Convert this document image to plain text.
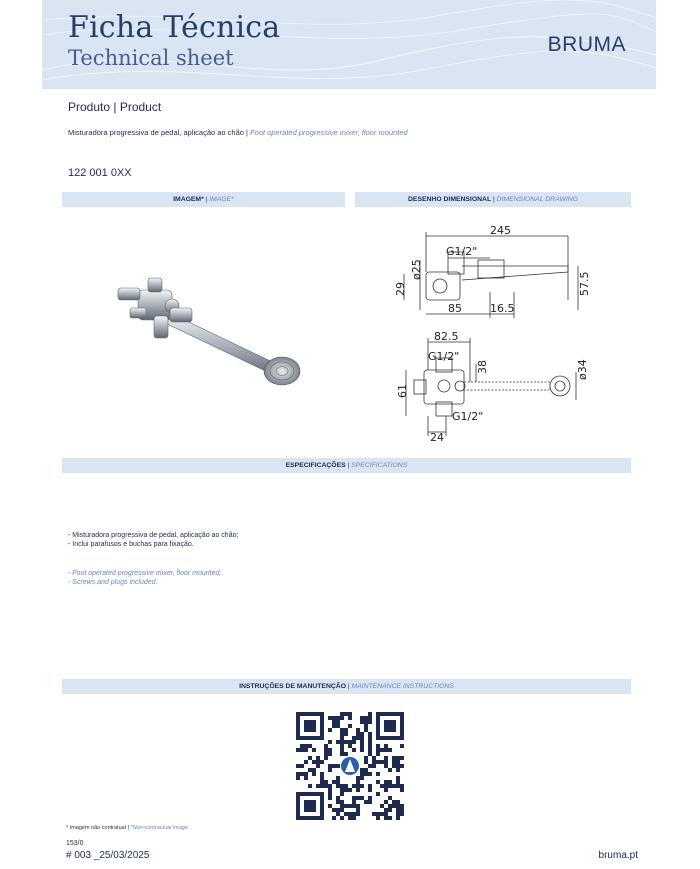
Ficha Técnica
Technical sheet
BRUMA
Produto | Product
Misturadora progressiva de pedal, aplicação ao chão | Foot operated progressive mixer, floor mounted
122 001 0XX
IMAGEM* | IMAGE*	DESENHO DIMENSIONAL | DIMENSIONAL DRAWING
245
G1/2"
ø25
29
85	16.5
57.5
82.5
G1/2"
38	ø34
61
G1/2"
24
ESPECIFICAÇÕES | SPECIFICATIONS
- Misturadora progressiva de pedal, aplicação ao chão;
- Inclui parafusos e buchas para fixação.
- Foot operated progressive mixer, floor mounted;
- Screws and plugs included.
INSTRUÇÕES DE MANUTENÇÃO | MAINTENANCE INSTRUCTIONS
* Imagem não contratual | *Non-contractual image
153/0
# 003 _25/03/2025	bruma.pt
